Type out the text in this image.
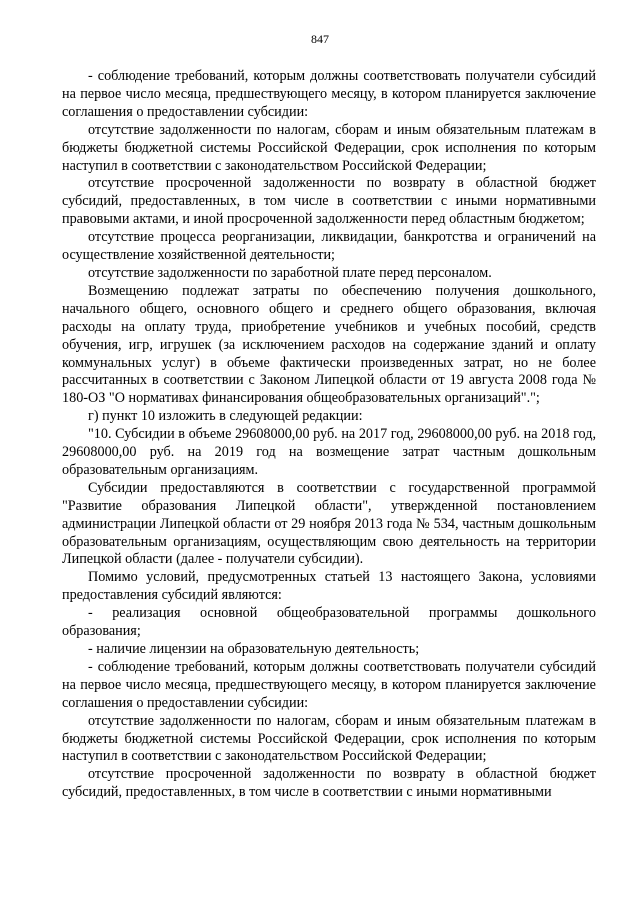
847

- соблюдение требований, которым должны соответствовать получатели субсидий на первое число месяца, предшествующего месяцу, в котором планируется заключение соглашения о предоставлении субсидии:

отсутствие задолженности по налогам, сборам и иным обязательным платежам в бюджеты бюджетной системы Российской Федерации, срок исполнения по которым наступил в соответствии с законодательством Российской Федерации;

отсутствие просроченной задолженности по возврату в областной бюджет субсидий, предоставленных, в том числе в соответствии с иными нормативными правовыми актами, и иной просроченной задолженности перед областным бюджетом;

отсутствие процесса реорганизации, ликвидации, банкротства и ограничений на осуществление хозяйственной деятельности;

отсутствие задолженности по заработной плате перед персоналом.

Возмещению подлежат затраты по обеспечению получения дошкольного, начального общего, основного общего и среднего общего образования, включая расходы на оплату труда, приобретение учебников и учебных пособий, средств обучения, игр, игрушек (за исключением расходов на содержание зданий и оплату коммунальных услуг) в объеме фактически произведенных затрат, но не более рассчитанных в соответствии с Законом Липецкой области от 19 августа 2008 года № 180-ОЗ "О нормативах финансирования общеобразовательных организаций".";

г) пункт 10 изложить в следующей редакции:

"10. Субсидии в объеме 29608000,00 руб. на 2017 год, 29608000,00 руб. на 2018 год, 29608000,00 руб. на 2019 год на возмещение затрат частным дошкольным образовательным организациям.

Субсидии предоставляются в соответствии с государственной программой "Развитие образования Липецкой области", утвержденной постановлением администрации Липецкой области от 29 ноября 2013 года № 534, частным дошкольным образовательным организациям, осуществляющим свою деятельность на территории Липецкой области (далее - получатели субсидии).

Помимо условий, предусмотренных статьей 13 настоящего Закона, условиями предоставления субсидий являются:

- реализация основной общеобразовательной программы дошкольного образования;

- наличие лицензии на образовательную деятельность;

- соблюдение требований, которым должны соответствовать получатели субсидий на первое число месяца, предшествующего месяцу, в котором планируется заключение соглашения о предоставлении субсидии:

отсутствие задолженности по налогам, сборам и иным обязательным платежам в бюджеты бюджетной системы Российской Федерации, срок исполнения по которым наступил в соответствии с законодательством Российской Федерации;

отсутствие просроченной задолженности по возврату в областной бюджет субсидий, предоставленных, в том числе в соответствии с иными нормативными
